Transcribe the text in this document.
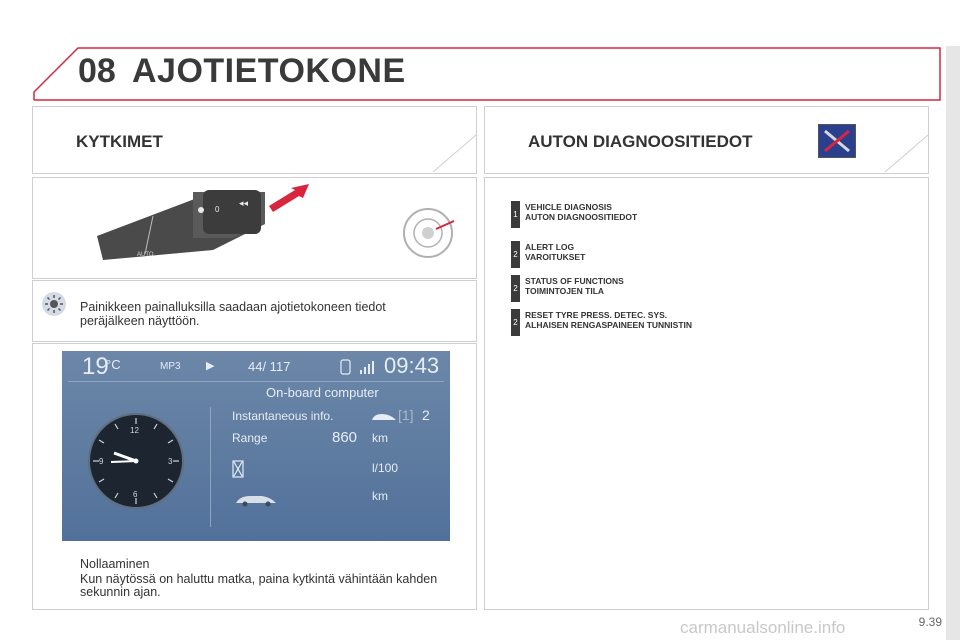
08 AJOTIETOKONE
KYTKIMET
0
◂◂
AUTO
Painikkeen painalluksilla saadaan ajotietokoneen tiedot peräjälkeen näyttöön.
19
°C	MP3 ▶	44/ 117	09:43
On-board computer
Instantaneous info.	[1] 2
Range	860 km
l/100
km
12
3
6
9
Nollaaminen
Kun näytössä on haluttu matka, paina kytkintä vähintään kahden sekunnin ajan.
AUTON DIAGNOOSITIEDOT
1
VEHICLE DIAGNOSIS
AUTON DIAGNOOSITIEDOT
2
ALERT LOG
VAROITUKSET
2
STATUS OF FUNCTIONS
TOIMINTOJEN TILA
2
RESET TYRE PRESS. DETEC. SYS.
ALHAISEN RENGASPAINEEN TUNNISTIN
9.39
carmanualsonline.info
